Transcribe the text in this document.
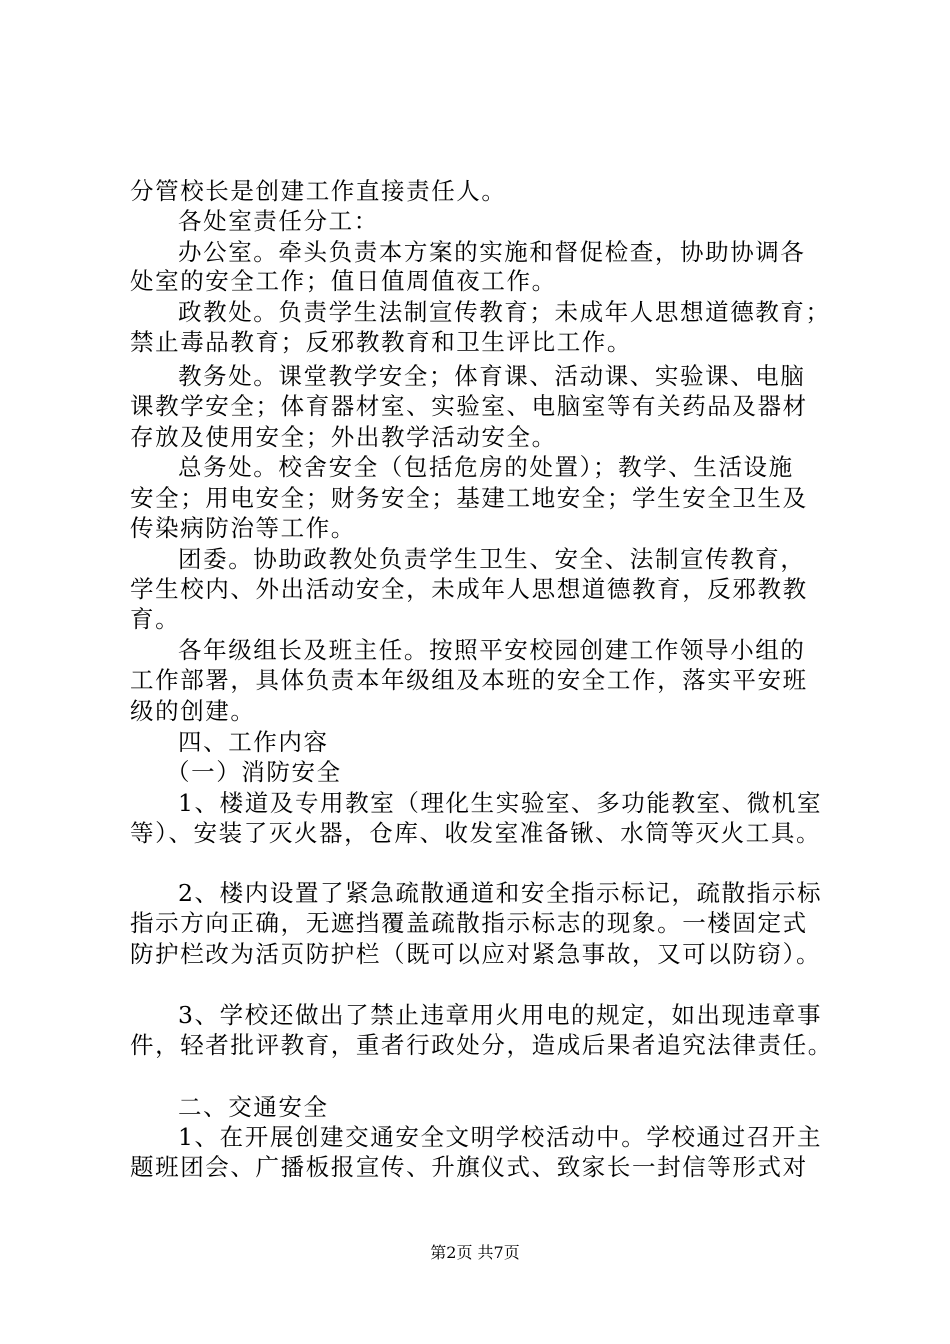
分管校长是创建工作直接责任人。
各处室责任分工：
办公室。牵头负责本方案的实施和督促检查，协助协调各
处室的安全工作；值日值周值夜工作。
政教处。负责学生法制宣传教育；未成年人思想道德教育；
禁止毒品教育；反邪教教育和卫生评比工作。
教务处。课堂教学安全；体育课、活动课、实验课、电脑
课教学安全；体育器材室、实验室、电脑室等有关药品及器材
存放及使用安全；外出教学活动安全。
总务处。校舍安全（包括危房的处置）；教学、生活设施
安全；用电安全；财务安全；基建工地安全；学生安全卫生及
传染病防治等工作。
团委。协助政教处负责学生卫生、安全、法制宣传教育，
学生校内、外出活动安全，未成年人思想道德教育，反邪教教
育。
各年级组长及班主任。按照平安校园创建工作领导小组的
工作部署，具体负责本年级组及本班的安全工作，落实平安班
级的创建。
四、工作内容
（一）消防安全
1、楼道及专用教室（理化生实验室、多功能教室、微机室
等）、安装了灭火器，仓库、收发室准备锹、水筒等灭火工具。
2、楼内设置了紧急疏散通道和安全指示标记，疏散指示标
指示方向正确，无遮挡覆盖疏散指示标志的现象。一楼固定式
防护栏改为活页防护栏（既可以应对紧急事故，又可以防窃）。
3、学校还做出了禁止违章用火用电的规定，如出现违章事
件，轻者批评教育，重者行政处分，造成后果者追究法律责任。
二、交通安全
1、在开展创建交通安全文明学校活动中。学校通过召开主
题班团会、广播板报宣传、升旗仪式、致家长一封信等形式对
第2页 共7页
